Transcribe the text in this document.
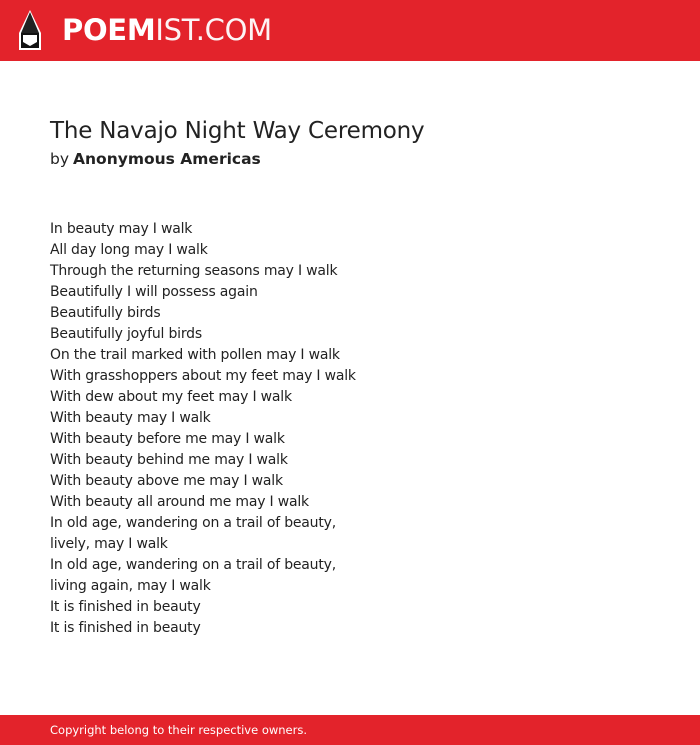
POEMIST.COM
The Navajo Night Way Ceremony
by Anonymous Americas
In beauty may I walk
All day long may I walk
Through the returning seasons may I walk
Beautifully I will possess again
Beautifully birds
Beautifully joyful birds
On the trail marked with pollen may I walk
With grasshoppers about my feet may I walk
With dew about my feet may I walk
With beauty may I walk
With beauty before me may I walk
With beauty behind me may I walk
With beauty above me may I walk
With beauty all around me may I walk
In old age, wandering on a trail of beauty,
lively, may I walk
In old age, wandering on a trail of beauty,
living again, may I walk
It is finished in beauty
It is finished in beauty
Copyright belong to their respective owners.
